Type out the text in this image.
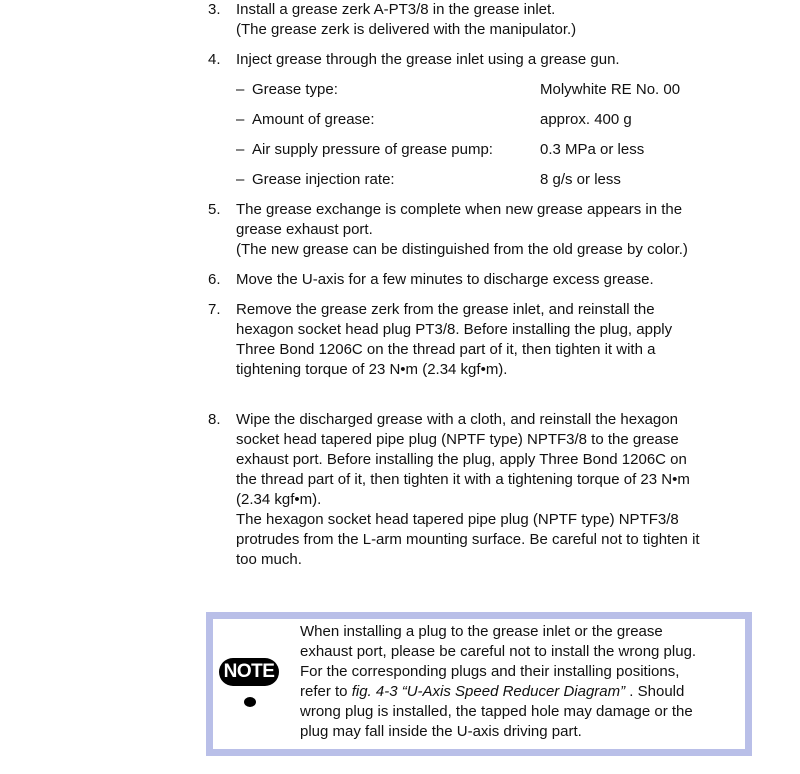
3. Install a grease zerk A-PT3/8 in the grease inlet.
(The grease zerk is delivered with the manipulator.)
4. Inject grease through the grease inlet using a grease gun.
– Grease type:	Molywhite RE No. 00
– Amount of grease:	approx. 400 g
– Air supply pressure of grease pump:	0.3 MPa or less
– Grease injection rate:	8 g/s or less
5. The grease exchange is complete when new grease appears in the
grease exhaust port.
(The new grease can be distinguished from the old grease by color.)
6. Move the U-axis for a few minutes to discharge excess grease.
7. Remove the grease zerk from the grease inlet, and reinstall the
hexagon socket head plug PT3/8. Before installing the plug, apply
Three Bond 1206C on the thread part of it, then tighten it with a
tightening torque of 23 N•m (2.34 kgf•m).
8. Wipe the discharged grease with a cloth, and reinstall the hexagon
socket head tapered pipe plug (NPTF type) NPTF3/8 to the grease
exhaust port. Before installing the plug, apply Three Bond 1206C on
the thread part of it, then tighten it with a tightening torque of 23 N•m
(2.34 kgf•m).
The hexagon socket head tapered pipe plug (NPTF type) NPTF3/8
protrudes from the L-arm mounting surface. Be careful not to tighten it
too much.
NOTE
When installing a plug to the grease inlet or the grease
exhaust port, please be careful not to install the wrong plug.
For the corresponding plugs and their installing positions,
refer to fig. 4-3 “U-Axis Speed Reducer Diagram” . Should
wrong plug is installed, the tapped hole may damage or the
plug may fall inside the U-axis driving part.
